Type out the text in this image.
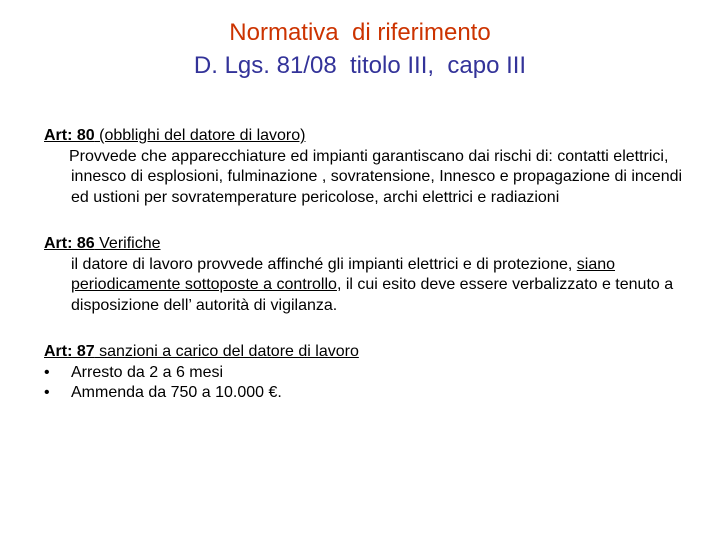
Normativa  di riferimento
D. Lgs. 81/08  titolo III,  capo III
Art: 80 (obblighi del datore di lavoro)
Provvede che apparecchiature ed impianti garantiscano dai rischi di: contatti elettrici, innesco di esplosioni, fulminazione , sovratensione, Innesco e propagazione di incendi ed ustioni per sovratemperature pericolose, archi elettrici e radiazioni
Art: 86 Verifiche
il datore di lavoro provvede affinché gli impianti elettrici e di protezione, siano periodicamente sottoposte a controllo, il cui esito deve essere verbalizzato e tenuto a disposizione dell’ autorità di vigilanza.
Art: 87 sanzioni a carico del datore di lavoro
• Arresto da 2 a 6 mesi
• Ammenda da 750 a 10.000 €.
